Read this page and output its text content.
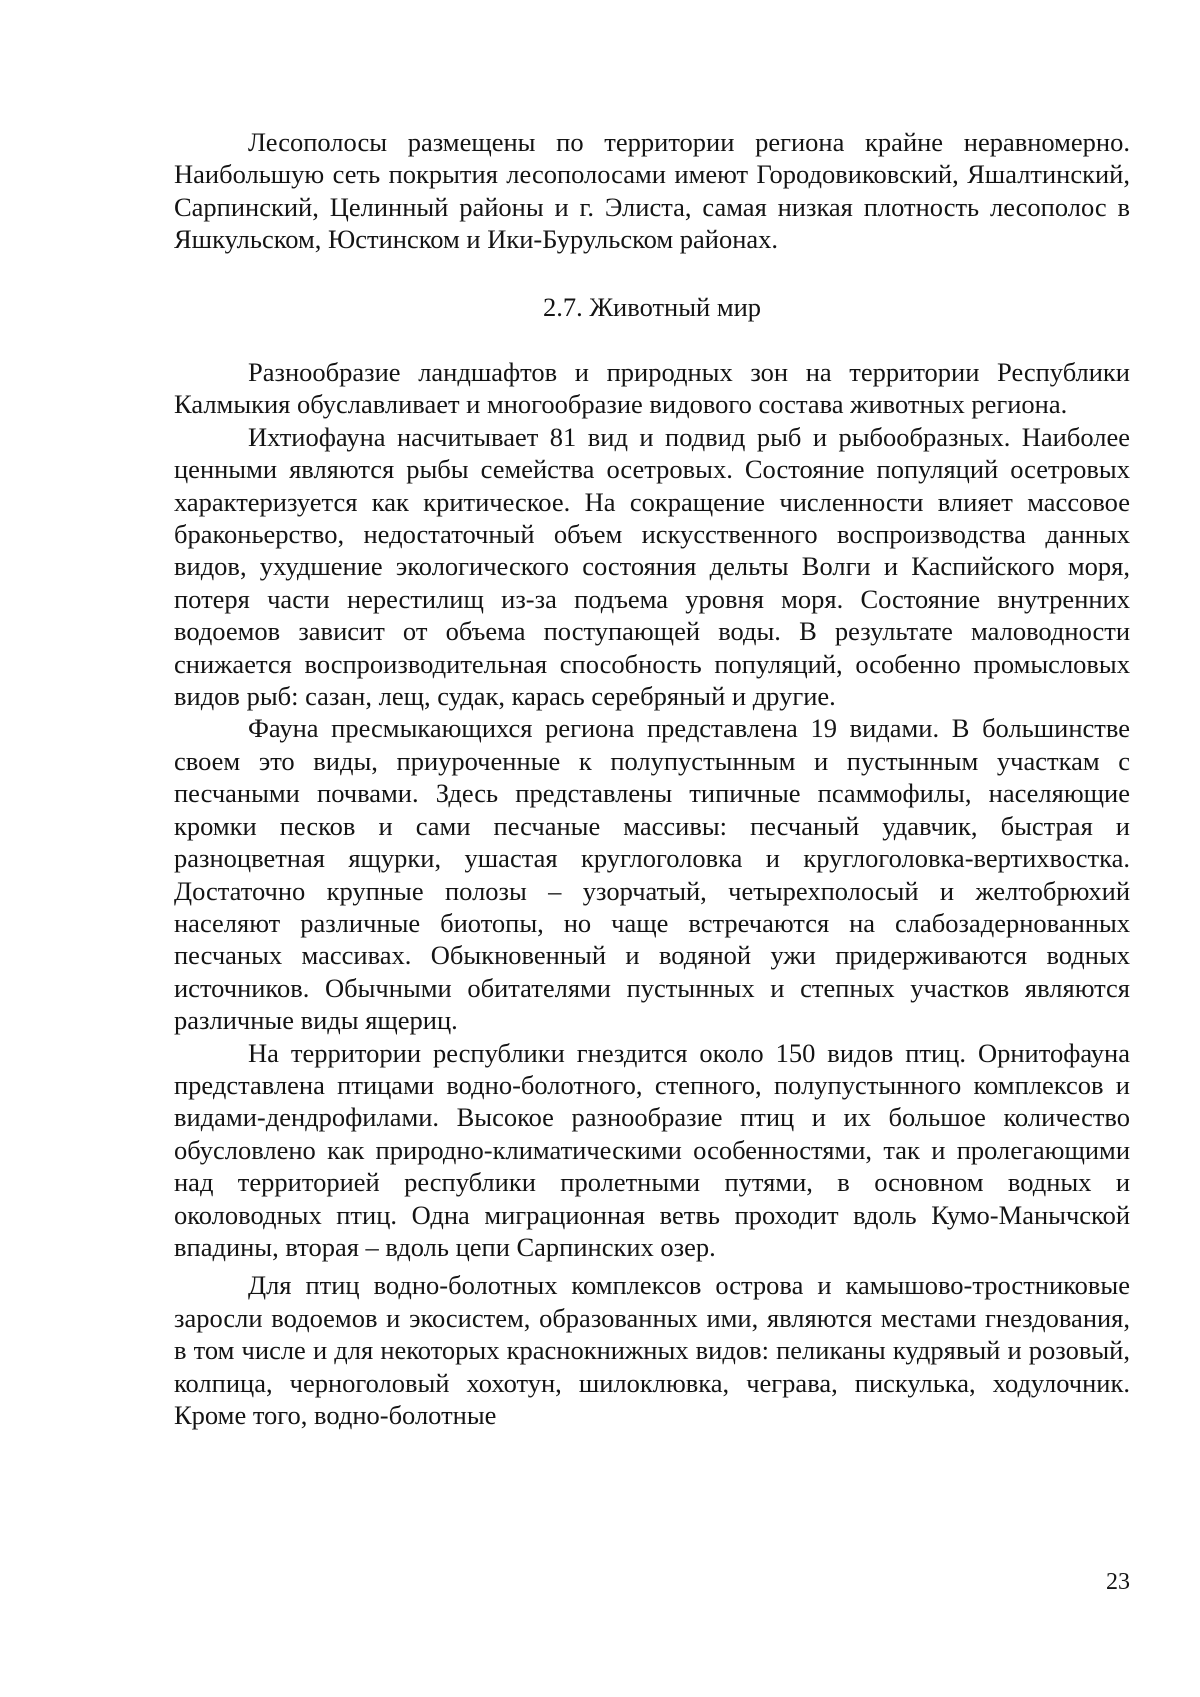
Лесополосы размещены по территории региона крайне неравномерно. Наибольшую сеть покрытия лесополосами имеют Городовиковский, Яшалтинский, Сарпинский, Целинный районы и г. Элиста, самая низкая плотность лесополос в Яшкульском, Юстинском и Ики-Бурульском районах.

2.7. Животный мир

Разнообразие ландшафтов и природных зон на территории Республики Калмыкия обуславливает и многообразие видового состава животных региона.

Ихтиофауна насчитывает 81 вид и подвид рыб и рыбообразных. Наиболее ценными являются рыбы семейства осетровых. Состояние популяций осетровых характеризуется как критическое. На сокращение численности влияет массовое браконьерство, недостаточный объем искусственного воспроизводства данных видов, ухудшение экологического состояния дельты Волги и Каспийского моря, потеря части нерестилищ из-за подъема уровня моря. Состояние внутренних водоемов зависит от объема поступающей воды. В результате маловодности снижается воспроизводительная способность популяций, особенно промысловых видов рыб: сазан, лещ, судак, карась серебряный и другие.

Фауна пресмыкающихся региона представлена 19 видами. В большинстве своем это виды, приуроченные к полупустынным и пустынным участкам с песчаными почвами. Здесь представлены типичные псаммофилы, населяющие кромки песков и сами песчаные массивы: песчаный удавчик, быстрая и разноцветная ящурки, ушастая круглоголовка и круглоголовка-вертихвостка. Достаточно крупные полозы – узорчатый, четырехполосый и желтобрюхий населяют различные биотопы, но чаще встречаются на слабозадернованных песчаных массивах. Обыкновенный и водяной ужи придерживаются водных источников. Обычными обитателями пустынных и степных участков являются различные виды ящериц.

На территории республики гнездится около 150 видов птиц. Орнитофауна представлена птицами водно-болотного, степного, полупустынного комплексов и видами-дендрофилами. Высокое разнообразие птиц и их большое количество обусловлено как природно-климатическими особенностями, так и пролегающими над территорией республики пролетными путями, в основном водных и околоводных птиц. Одна миграционная ветвь проходит вдоль Кумо-Манычской впадины, вторая – вдоль цепи Сарпинских озер.

Для птиц водно-болотных комплексов острова и камышово-тростниковые заросли водоемов и экосистем, образованных ими, являются местами гнездования, в том числе и для некоторых краснокнижных видов: пеликаны кудрявый и розовый, колпица, черноголовый хохотун, шилоклювка, чеграва, пискулька, ходулочник. Кроме того, водно-болотные

23
